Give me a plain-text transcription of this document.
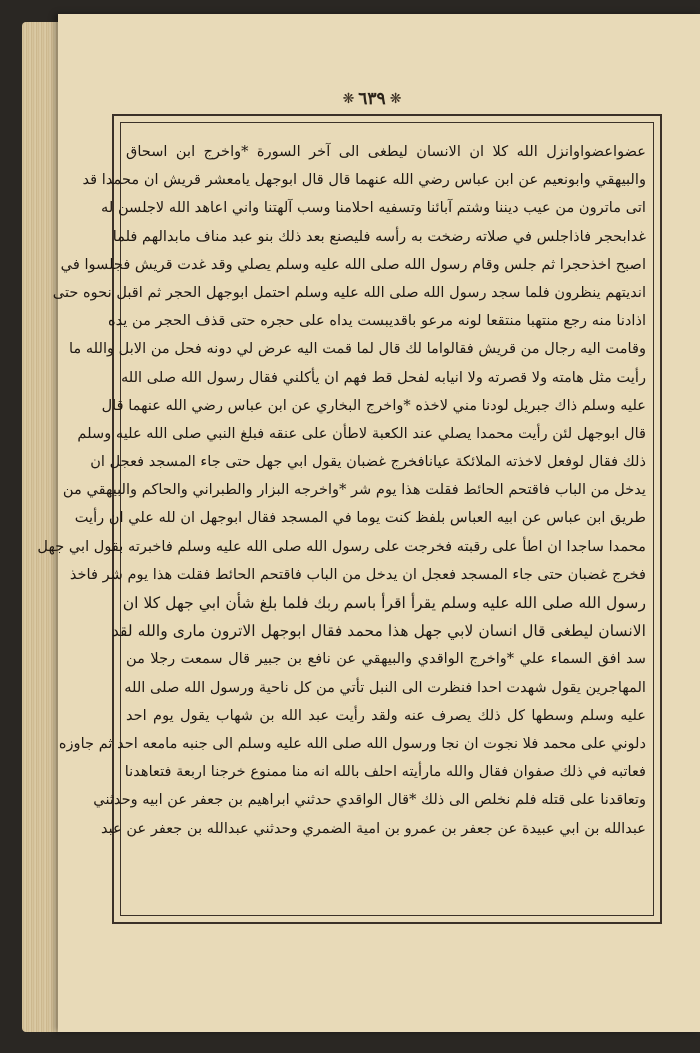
❋ ٦٣٩ ❋
عضواعضواوانزل الله كلا ان الانسان ليطغى الى آخر السورة *واخرج ابن اسحاق
والبيهقي وابونعيم عن ابن عباس رضي الله عنهما قال قال ابوجهل يامعشر قريش ان محمدا قد
اتى ماترون من عيب ديننا وشتم آبائنا وتسفيه احلامنا وسب آلهتنا واني اعاهد الله لاجلسن له
غدابحجر فاذاجلس في صلاته رضخت به رأسه فليصنع بعد ذلك بنو عبد مناف مابدالهم فلما
اصبح اخذحجرا ثم جلس وقام رسول الله صلى الله عليه وسلم يصلي وقد غدت قريش فجلسوا في
انديتهم ينظرون فلما سجد رسول الله صلى الله عليه وسلم احتمل ابوجهل الحجر ثم اقبل نحوه حتى
اذادنا منه رجع منتهبا منتقعا لونه مرعو باقديبست يداه على حجره حتى قذف الحجر من يده
وقامت اليه رجال من قريش فقالواما لك قال لما قمت اليه عرض لي دونه فحل من الابل والله ما
رأيت مثل هامته ولا قصرته ولا انيابه لفحل قط فهم ان يأكلني فقال رسول الله صلى الله
عليه وسلم ذاك جبريل لودنا مني لاخذه *واخرج البخاري عن ابن عباس رضي الله عنهما قال
قال ابوجهل لئن رأيت محمدا يصلي عند الكعبة لاطأن على عنقه فبلغ النبي صلى الله عليه وسلم
ذلك فقال لوفعل لاخذته الملائكة عيانافخرج غضبان يقول ابي جهل حتى جاء المسجد فعجل ان
يدخل من الباب فاقتحم الحائط فقلت هذا يوم شر *واخرجه البزار والطبراني والحاكم والبيهقي من
طريق ابن عباس عن ابيه العباس بلفظ كنت يوما في المسجد فقال ابوجهل ان لله علي ان رأيت
محمدا ساجدا ان اطأ على رقبته فخرجت على رسول الله صلى الله عليه وسلم فاخبرته بقول ابي جهل
فخرج غضبان حتى جاء المسجد فعجل ان يدخل من الباب فاقتحم الحائط فقلت هذا يوم شر فاخذ
رسول الله صلى الله عليه وسلم يقرأ اقرأ باسم ربك فلما بلغ شأن ابي جهل كلا ان
الانسان ليطغى قال انسان لابي جهل هذا محمد فقال ابوجهل الاترون مارى والله لقد
سد افق السماء علي *واخرج الواقدي والبيهقي عن نافع بن جبير قال سمعت رجلا من
المهاجرين يقول شهدت احدا فنظرت الى النبل تأتي من كل ناحية ورسول الله صلى الله
عليه وسلم وسطها كل ذلك يصرف عنه ولقد رأيت عبد الله بن شهاب يقول يوم احد
دلوني على محمد فلا نجوت ان نجا ورسول الله صلى الله عليه وسلم الى جنبه مامعه احد ثم جاوزه
فعاتبه في ذلك صفوان فقال والله مارأيته احلف بالله انه منا ممنوع خرجنا اربعة فتعاهدنا
وتعاقدنا على قتله فلم نخلص الى ذلك *قال الواقدي حدثني ابراهيم بن جعفر عن ابيه وحدثني
عبدالله بن ابي عبيدة عن جعفر بن عمرو بن امية الضمري وحدثني عبدالله بن جعفر عن عبد
